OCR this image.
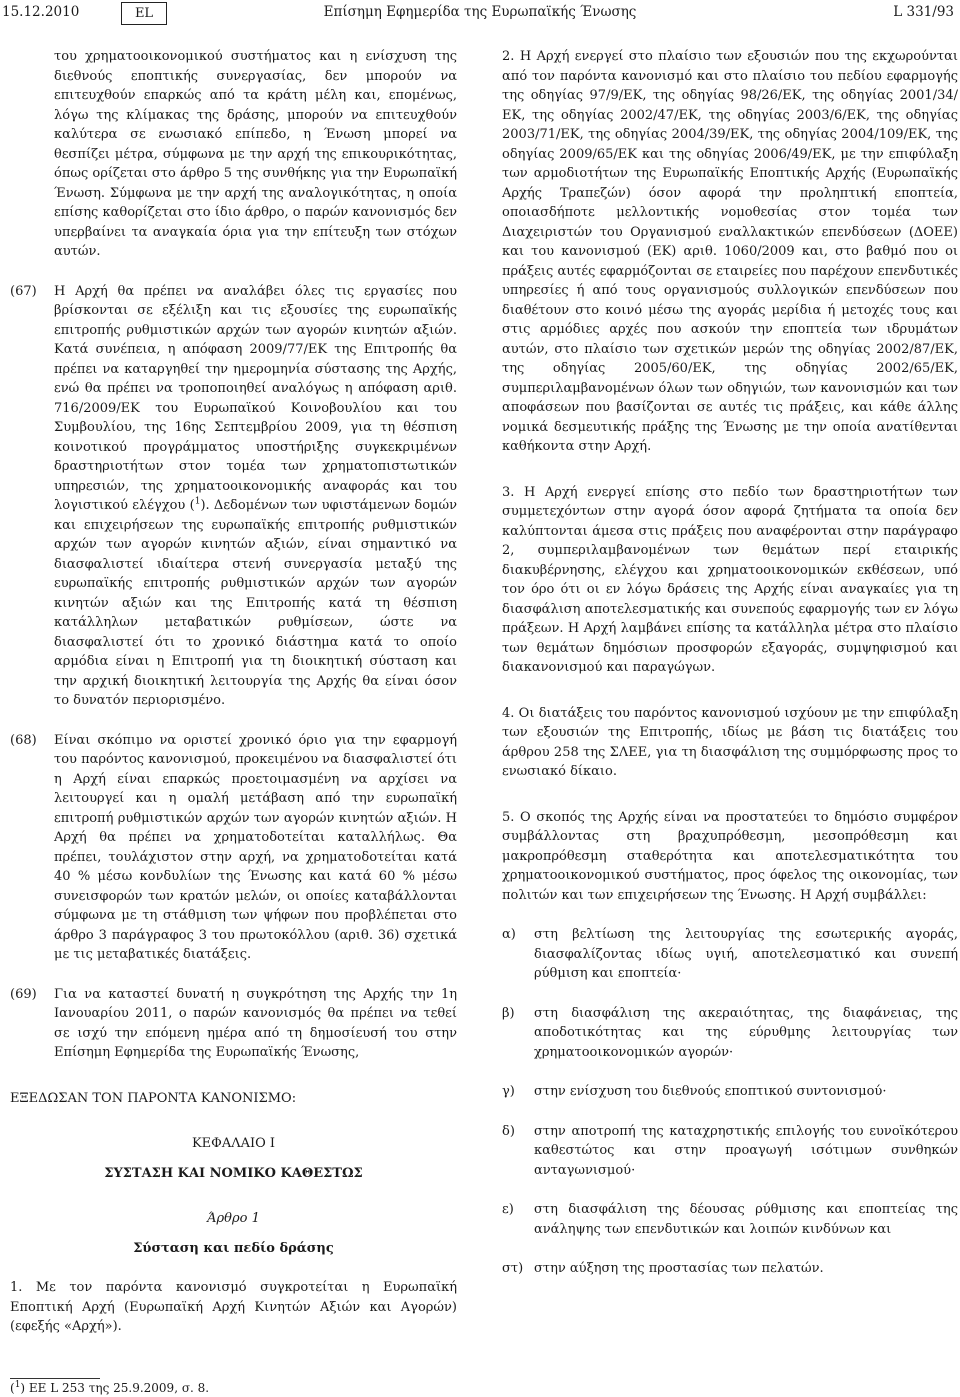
15.12.2010	EL	Επίσημη Εφημερίδα της Ευρωπαϊκής Ένωσης	L 331/93

του χρηματοοικονομικού συστήματος και η ενίσχυση της διεθνούς εποπτικής συνεργασίας, δεν μπορούν να επιτευχθούν επαρκώς από τα κράτη μέλη και, επομένως, λόγω της κλίμακας της δράσης, μπορούν να επιτευχθούν καλύτερα σε ενωσιακό επίπεδο, η Ένωση μπορεί να θεσπίζει μέτρα, σύμφωνα με την αρχή της επικουρικότητας, όπως ορίζεται στο άρθρο 5 της συνθήκης για την Ευρωπαϊκή Ένωση. Σύμφωνα με την αρχή της αναλογικότητας, η οποία επίσης καθορίζεται στο ίδιο άρθρο, ο παρών κανονισμός δεν υπερβαίνει τα αναγκαία όρια για την επίτευξη των στόχων αυτών.

(67) Η Αρχή θα πρέπει να αναλάβει όλες τις εργασίες που βρίσκονται σε εξέλιξη και τις εξουσίες της ευρωπαϊκής επιτροπής ρυθμιστικών αρχών των αγορών κινητών αξιών. Κατά συνέπεια, η απόφαση 2009/77/ΕΚ της Επιτροπής θα πρέπει να καταργηθεί την ημερομηνία σύστασης της Αρχής, ενώ θα πρέπει να τροποποιηθεί αναλόγως η απόφαση αριθ. 716/2009/ΕΚ του Ευρωπαϊκού Κοινοβουλίου και του Συμβουλίου, της 16ης Σεπτεμβρίου 2009, για τη θέσπιση κοινοτικού προγράμματος υποστήριξης συγκεκριμένων δραστηριοτήτων στον τομέα των χρηματοπιστωτικών υπηρεσιών, της χρηματοοικονομικής αναφοράς και του λογιστικού ελέγχου ($^1$). Δεδομένων των υφιστάμενων δομών και επιχειρήσεων της ευρωπαϊκής επιτροπής ρυθμιστικών αρχών των αγορών κινητών αξιών, είναι σημαντικό να διασφαλιστεί ιδιαίτερα στενή συνεργασία μεταξύ της ευρωπαϊκής επιτροπής ρυθμιστικών αρχών των αγορών κινητών αξιών και της Επιτροπής κατά τη θέσπιση κατάλληλων μεταβατικών ρυθμίσεων, ώστε να διασφαλιστεί ότι το χρονικό διάστημα κατά το οποίο αρμόδια είναι η Επιτροπή για τη διοικητική σύσταση και την αρχική διοικητική λειτουργία της Αρχής θα είναι όσον το δυνατόν περιορισμένο.

(68) Είναι σκόπιμο να οριστεί χρονικό όριο για την εφαρμογή του παρόντος κανονισμού, προκειμένου να διασφαλιστεί ότι η Αρχή είναι επαρκώς προετοιμασμένη να αρχίσει να λειτουργεί και η ομαλή μετάβαση από την ευρωπαϊκή επιτροπή ρυθμιστικών αρχών των αγορών κινητών αξιών. Η Αρχή θα πρέπει να χρηματοδοτείται καταλλήλως. Θα πρέπει, τουλάχιστον στην αρχή, να χρηματοδοτείται κατά 40 % μέσω κονδυλίων της Ένωσης και κατά 60 % μέσω συνεισφορών των κρατών μελών, οι οποίες καταβάλλονται σύμφωνα με τη στάθμιση των ψήφων που προβλέπεται στο άρθρο 3 παράγραφος 3 του πρωτοκόλλου (αριθ. 36) σχετικά με τις μεταβατικές διατάξεις.

(69) Για να καταστεί δυνατή η συγκρότηση της Αρχής την 1η Ιανουαρίου 2011, ο παρών κανονισμός θα πρέπει να τεθεί σε ισχύ την επόμενη ημέρα από τη δημοσίευσή του στην Επίσημη Εφημερίδα της Ευρωπαϊκής Ένωσης,

ΕΞΕΔΩΣΑΝ ΤΟΝ ΠΑΡΟΝΤΑ ΚΑΝΟΝΙΣΜΟ:

ΚΕΦΑΛΑΙΟ I

ΣΥΣΤΑΣΗ ΚΑΙ ΝΟΜΙΚΟ ΚΑΘΕΣΤΩΣ

Άρθρο 1

Σύσταση και πεδίο δράσης

1. Με τον παρόντα κανονισμό συγκροτείται η Ευρωπαϊκή Εποπτική Αρχή (Ευρωπαϊκή Αρχή Κινητών Αξιών και Αγορών) (εφεξής «Αρχή»).

($^1$) ΕΕ L 253 της 25.9.2009, σ. 8.

2. Η Αρχή ενεργεί στο πλαίσιο των εξουσιών που της εκχωρούνται από τον παρόντα κανονισμό και στο πλαίσιο του πεδίου εφαρμογής της οδηγίας 97/9/ΕΚ, της οδηγίας 98/26/ΕΚ, της οδηγίας 2001/34/ΕΚ, της οδηγίας 2002/47/ΕΚ, της οδηγίας 2003/6/ΕΚ, της οδηγίας 2003/71/ΕΚ, της οδηγίας 2004/39/ΕΚ, της οδηγίας 2004/109/ΕΚ, της οδηγίας 2009/65/ΕΚ και της οδηγίας 2006/49/ΕΚ, με την επιφύλαξη των αρμοδιοτήτων της Ευρωπαϊκής Εποπτικής Αρχής (Ευρωπαϊκής Αρχής Τραπεζών) όσον αφορά την προληπτική εποπτεία, οποιασδήποτε μελλοντικής νομοθεσίας στον τομέα των Διαχειριστών του Οργανισμού εναλλακτικών επενδύσεων (ΔΟΕΕ) και του κανονισμού (ΕΚ) αριθ. 1060/2009 και, στο βαθμό που οι πράξεις αυτές εφαρμόζονται σε εταιρείες που παρέχουν επενδυτικές υπηρεσίες ή από τους οργανισμούς συλλογικών επενδύσεων που διαθέτουν στο κοινό μέσω της αγοράς μερίδια ή μετοχές τους και στις αρμόδιες αρχές που ασκούν την εποπτεία των ιδρυμάτων αυτών, στο πλαίσιο των σχετικών μερών της οδηγίας 2002/87/ΕΚ, της οδηγίας 2005/60/ΕΚ, της οδηγίας 2002/65/ΕΚ, συμπεριλαμβανομένων όλων των οδηγιών, των κανονισμών και των αποφάσεων που βασίζονται σε αυτές τις πράξεις, και κάθε άλλης νομικά δεσμευτικής πράξης της Ένωσης με την οποία ανατίθενται καθήκοντα στην Αρχή.

3. Η Αρχή ενεργεί επίσης στο πεδίο των δραστηριοτήτων των συμμετεχόντων στην αγορά όσον αφορά ζητήματα τα οποία δεν καλύπτονται άμεσα στις πράξεις που αναφέρονται στην παράγραφο 2, συμπεριλαμβανομένων των θεμάτων περί εταιρικής διακυβέρνησης, ελέγχου και χρηματοοικονομικών εκθέσεων, υπό τον όρο ότι οι εν λόγω δράσεις της Αρχής είναι αναγκαίες για τη διασφάλιση αποτελεσματικής και συνεπούς εφαρμογής των εν λόγω πράξεων. Η Αρχή λαμβάνει επίσης τα κατάλληλα μέτρα στο πλαίσιο των θεμάτων δημόσιων προσφορών εξαγοράς, συμψηφισμού και διακανονισμού και παραγώγων.

4. Οι διατάξεις του παρόντος κανονισμού ισχύουν με την επιφύλαξη των εξουσιών της Επιτροπής, ιδίως με βάση τις διατάξεις του άρθρου 258 της ΣΛΕΕ, για τη διασφάλιση της συμμόρφωσης προς το ενωσιακό δίκαιο.

5. Ο σκοπός της Αρχής είναι να προστατεύει το δημόσιο συμφέρον συμβάλλοντας στη βραχυπρόθεσμη, μεσοπρόθεσμη και μακροπρόθεσμη σταθερότητα και αποτελεσματικότητα του χρηματοοικονομικού συστήματος, προς όφελος της οικονομίας, των πολιτών και των επιχειρήσεων της Ένωσης. Η Αρχή συμβάλλει:

α) στη βελτίωση της λειτουργίας της εσωτερικής αγοράς, διασφαλίζοντας ιδίως υγιή, αποτελεσματικό και συνεπή ρύθμιση και εποπτεία·

β) στη διασφάλιση της ακεραιότητας, της διαφάνειας, της αποδοτικότητας και της εύρυθμης λειτουργίας των χρηματοοικονομικών αγορών·

γ) στην ενίσχυση του διεθνούς εποπτικού συντονισμού·

δ) στην αποτροπή της καταχρηστικής επιλογής του ευνοϊκότερου καθεστώτος και στην προαγωγή ισότιμων συνθηκών ανταγωνισμού·

ε) στη διασφάλιση της δέουσας ρύθμισης και εποπτείας της ανάληψης των επενδυτικών και λοιπών κινδύνων και

στ) στην αύξηση της προστασίας των πελατών.
